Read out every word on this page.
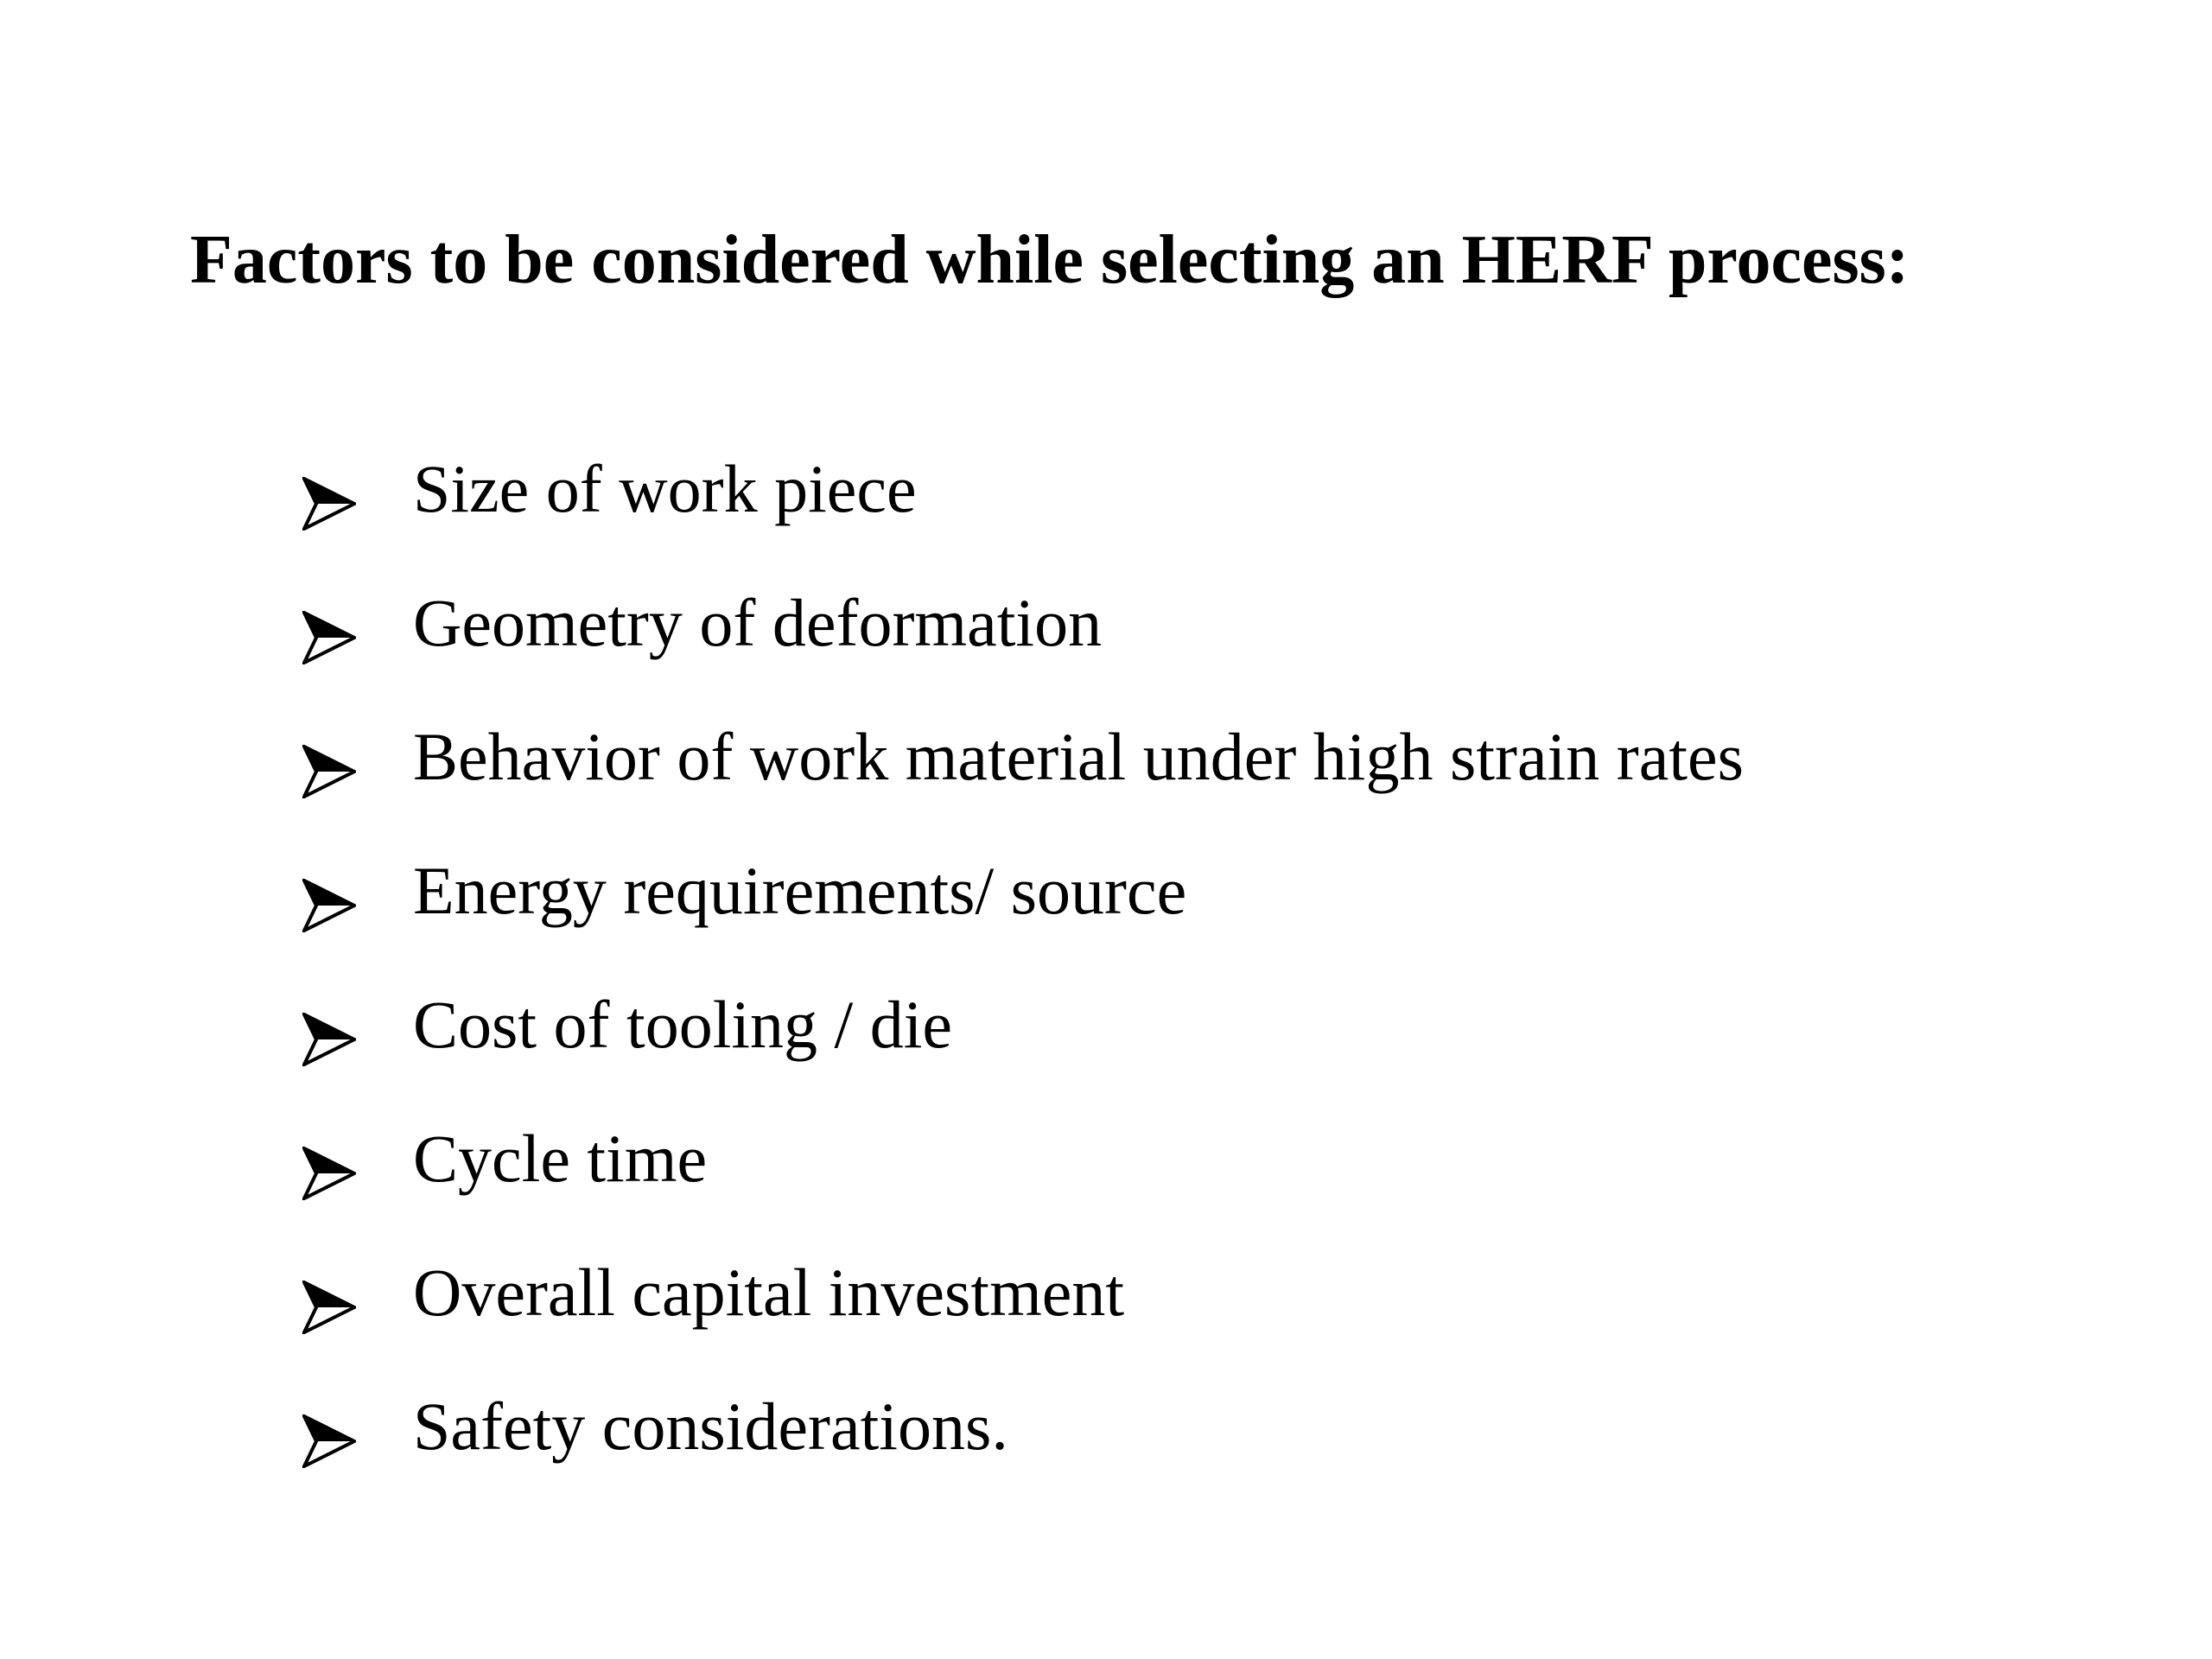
Factors to be considered while selecting an HERF process:
Size of work piece
Geometry of deformation
Behavior of work material under high strain rates
Energy requirements/ source
Cost of tooling / die
Cycle time
Overall capital investment
Safety considerations.
